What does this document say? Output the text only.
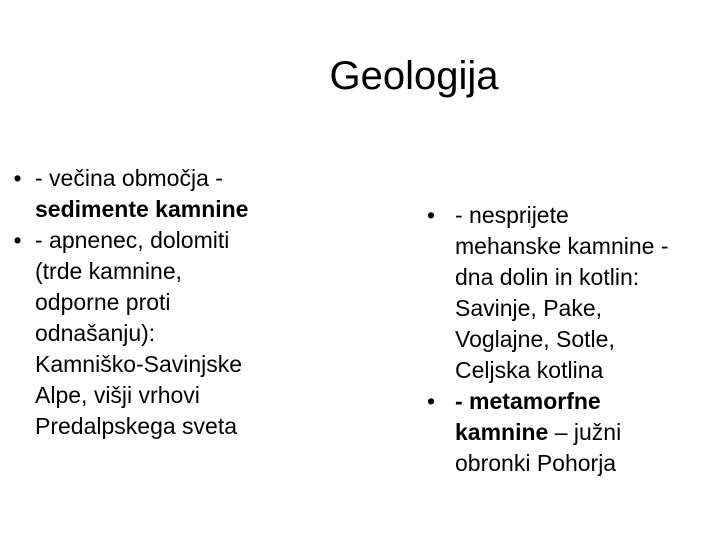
Geologija
• - večina območja -
sedimente kamnine
• - apnenec, dolomiti
(trde kamnine,
odporne proti
odnašanju):
Kamniško-Savinjske
Alpe, višji vrhovi
Predalpskega sveta
• - nesprijete
mehanske kamnine -
dna dolin in kotlin:
Savinje, Pake,
Voglajne, Sotle,
Celjska kotlina
• - metamorfne
kamnine – južni
obronki Pohorja
